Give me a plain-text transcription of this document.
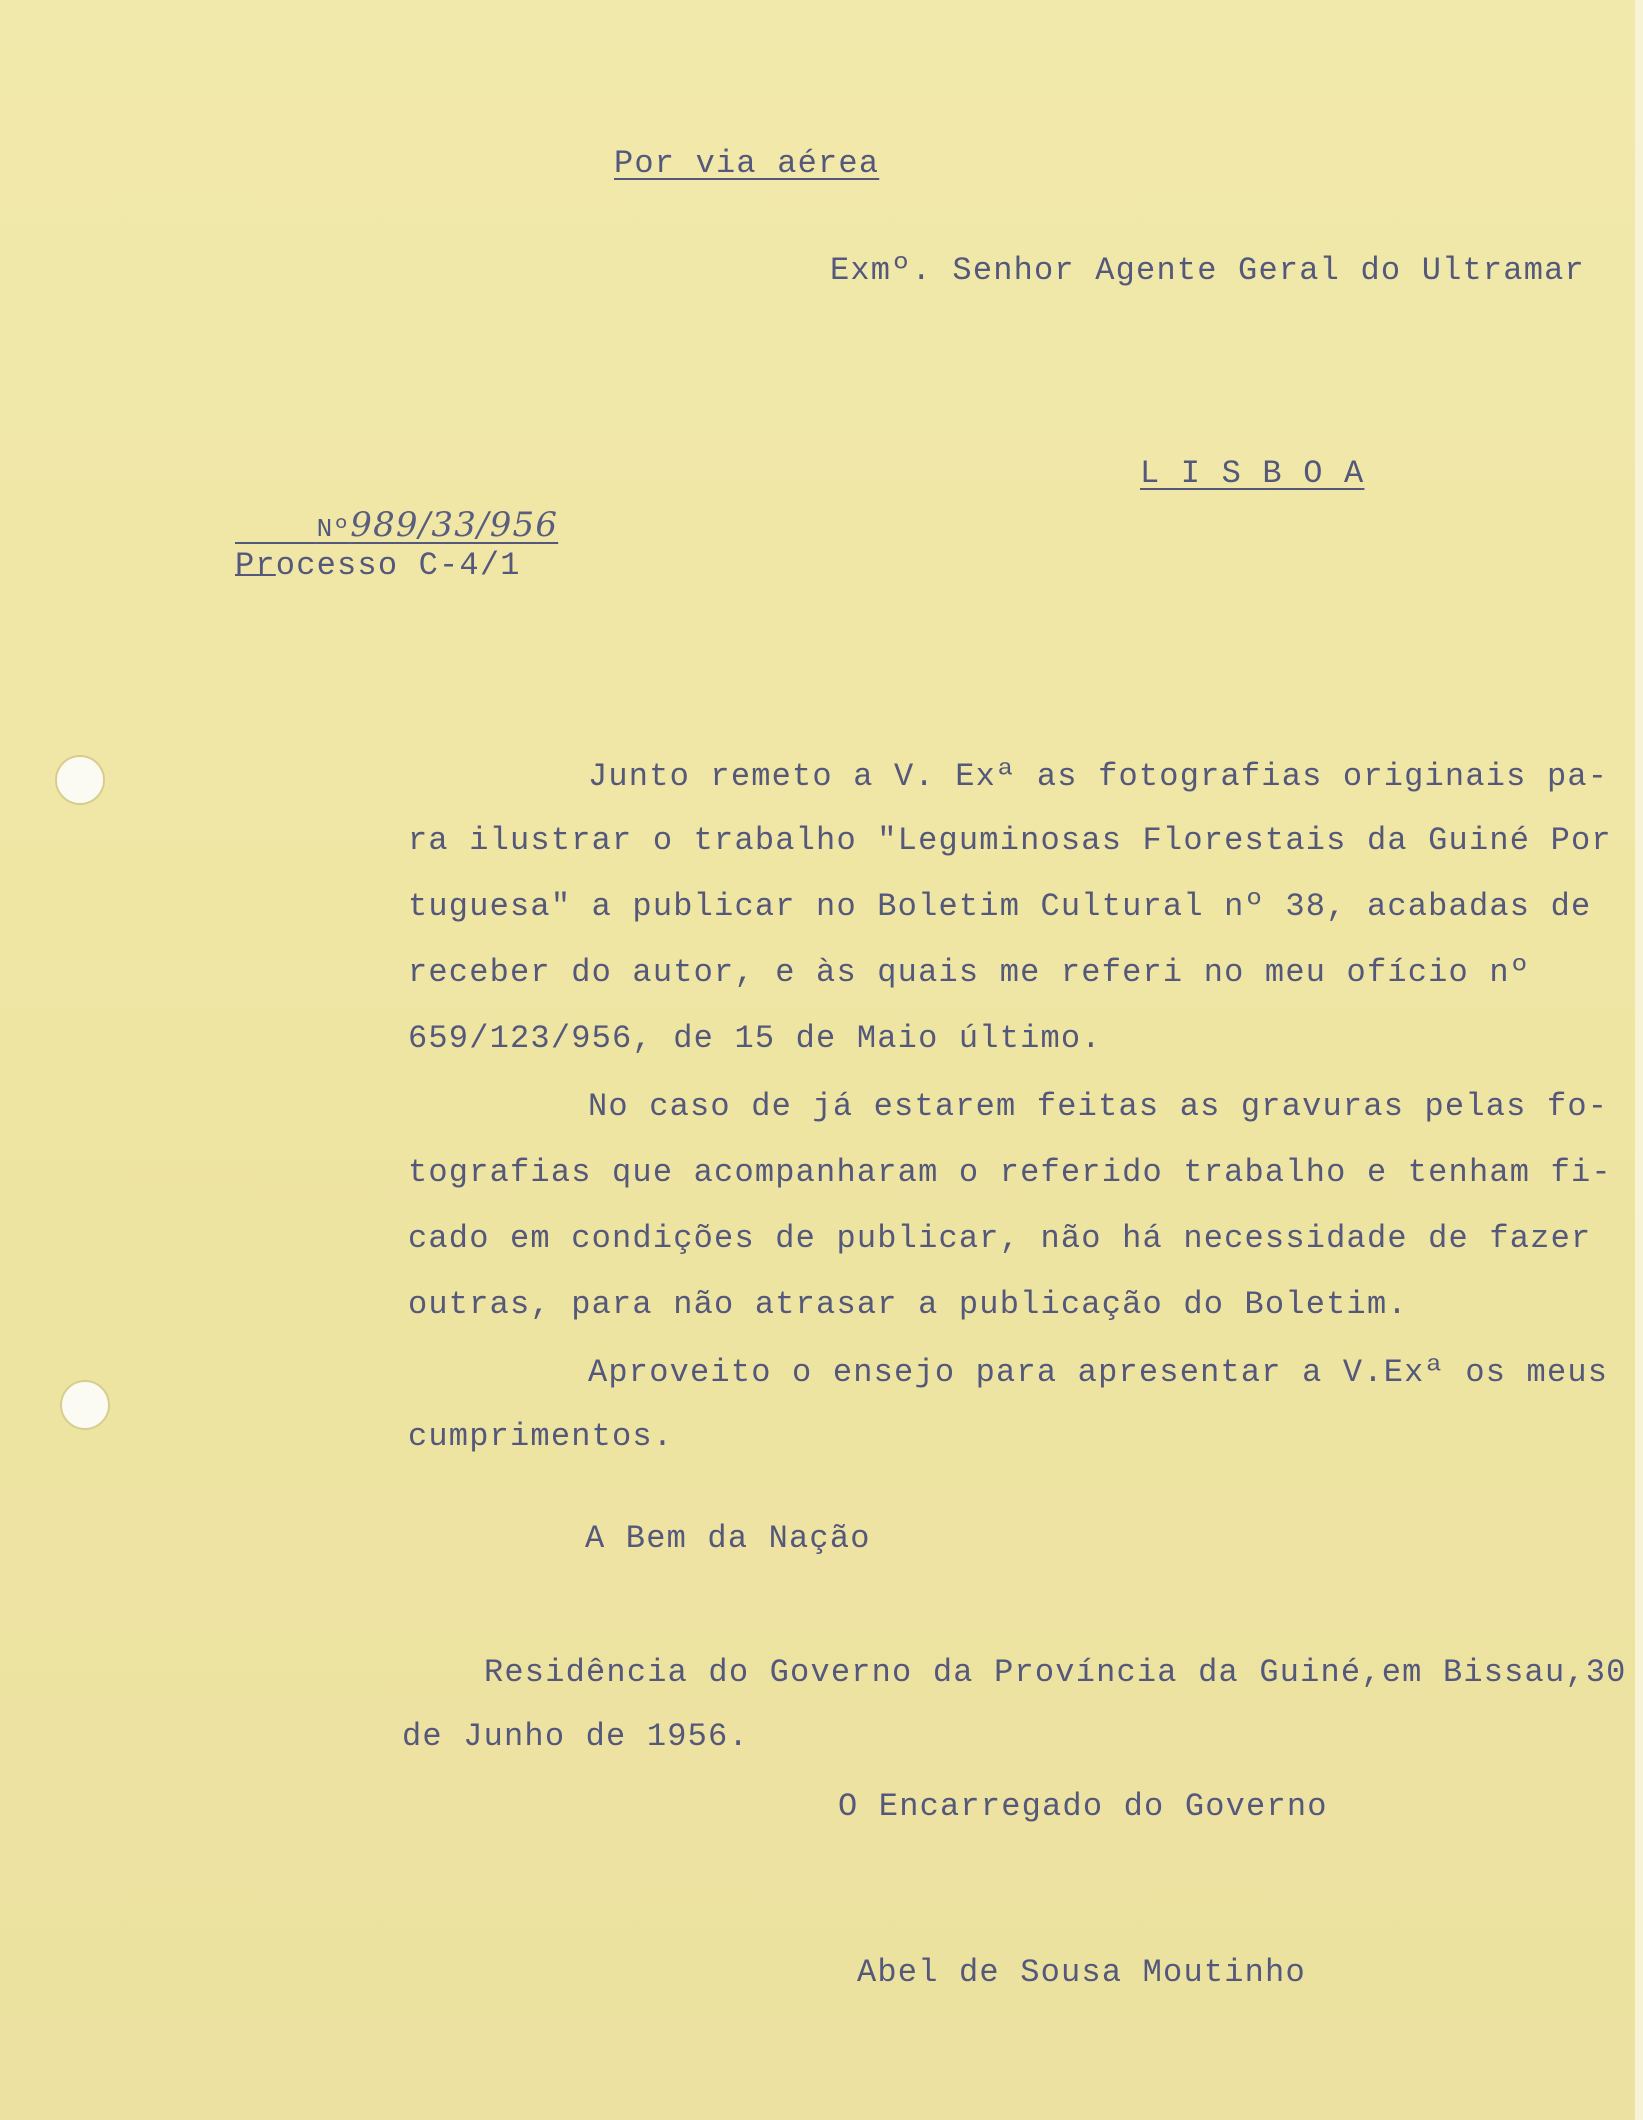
Por via aérea
Exmº. Senhor Agente Geral do Ultramar
L I S B O A

Nº989/33/956

Processo C-4/1
Junto remeto a V. Exª as fotografias originais pa-
ra ilustrar o trabalho "Leguminosas Florestais da Guiné Por
tuguesa" a publicar no Boletim Cultural nº 38, acabadas de
receber do autor, e às quais me referi no meu ofício nº
659/123/956, de 15 de Maio último.
No caso de já estarem feitas as gravuras pelas fo-
tografias que acompanharam o referido trabalho e tenham fi-
cado em condições de publicar, não há necessidade de fazer
outras, para não atrasar a publicação do Boletim.
Aproveito o ensejo para apresentar a V.Exª os meus
cumprimentos.
A Bem da Nação
Residência do Governo da Província da Guiné,em Bissau,30
de Junho de 1956.
O Encarregado do Governo
Abel de Sousa Moutinho
